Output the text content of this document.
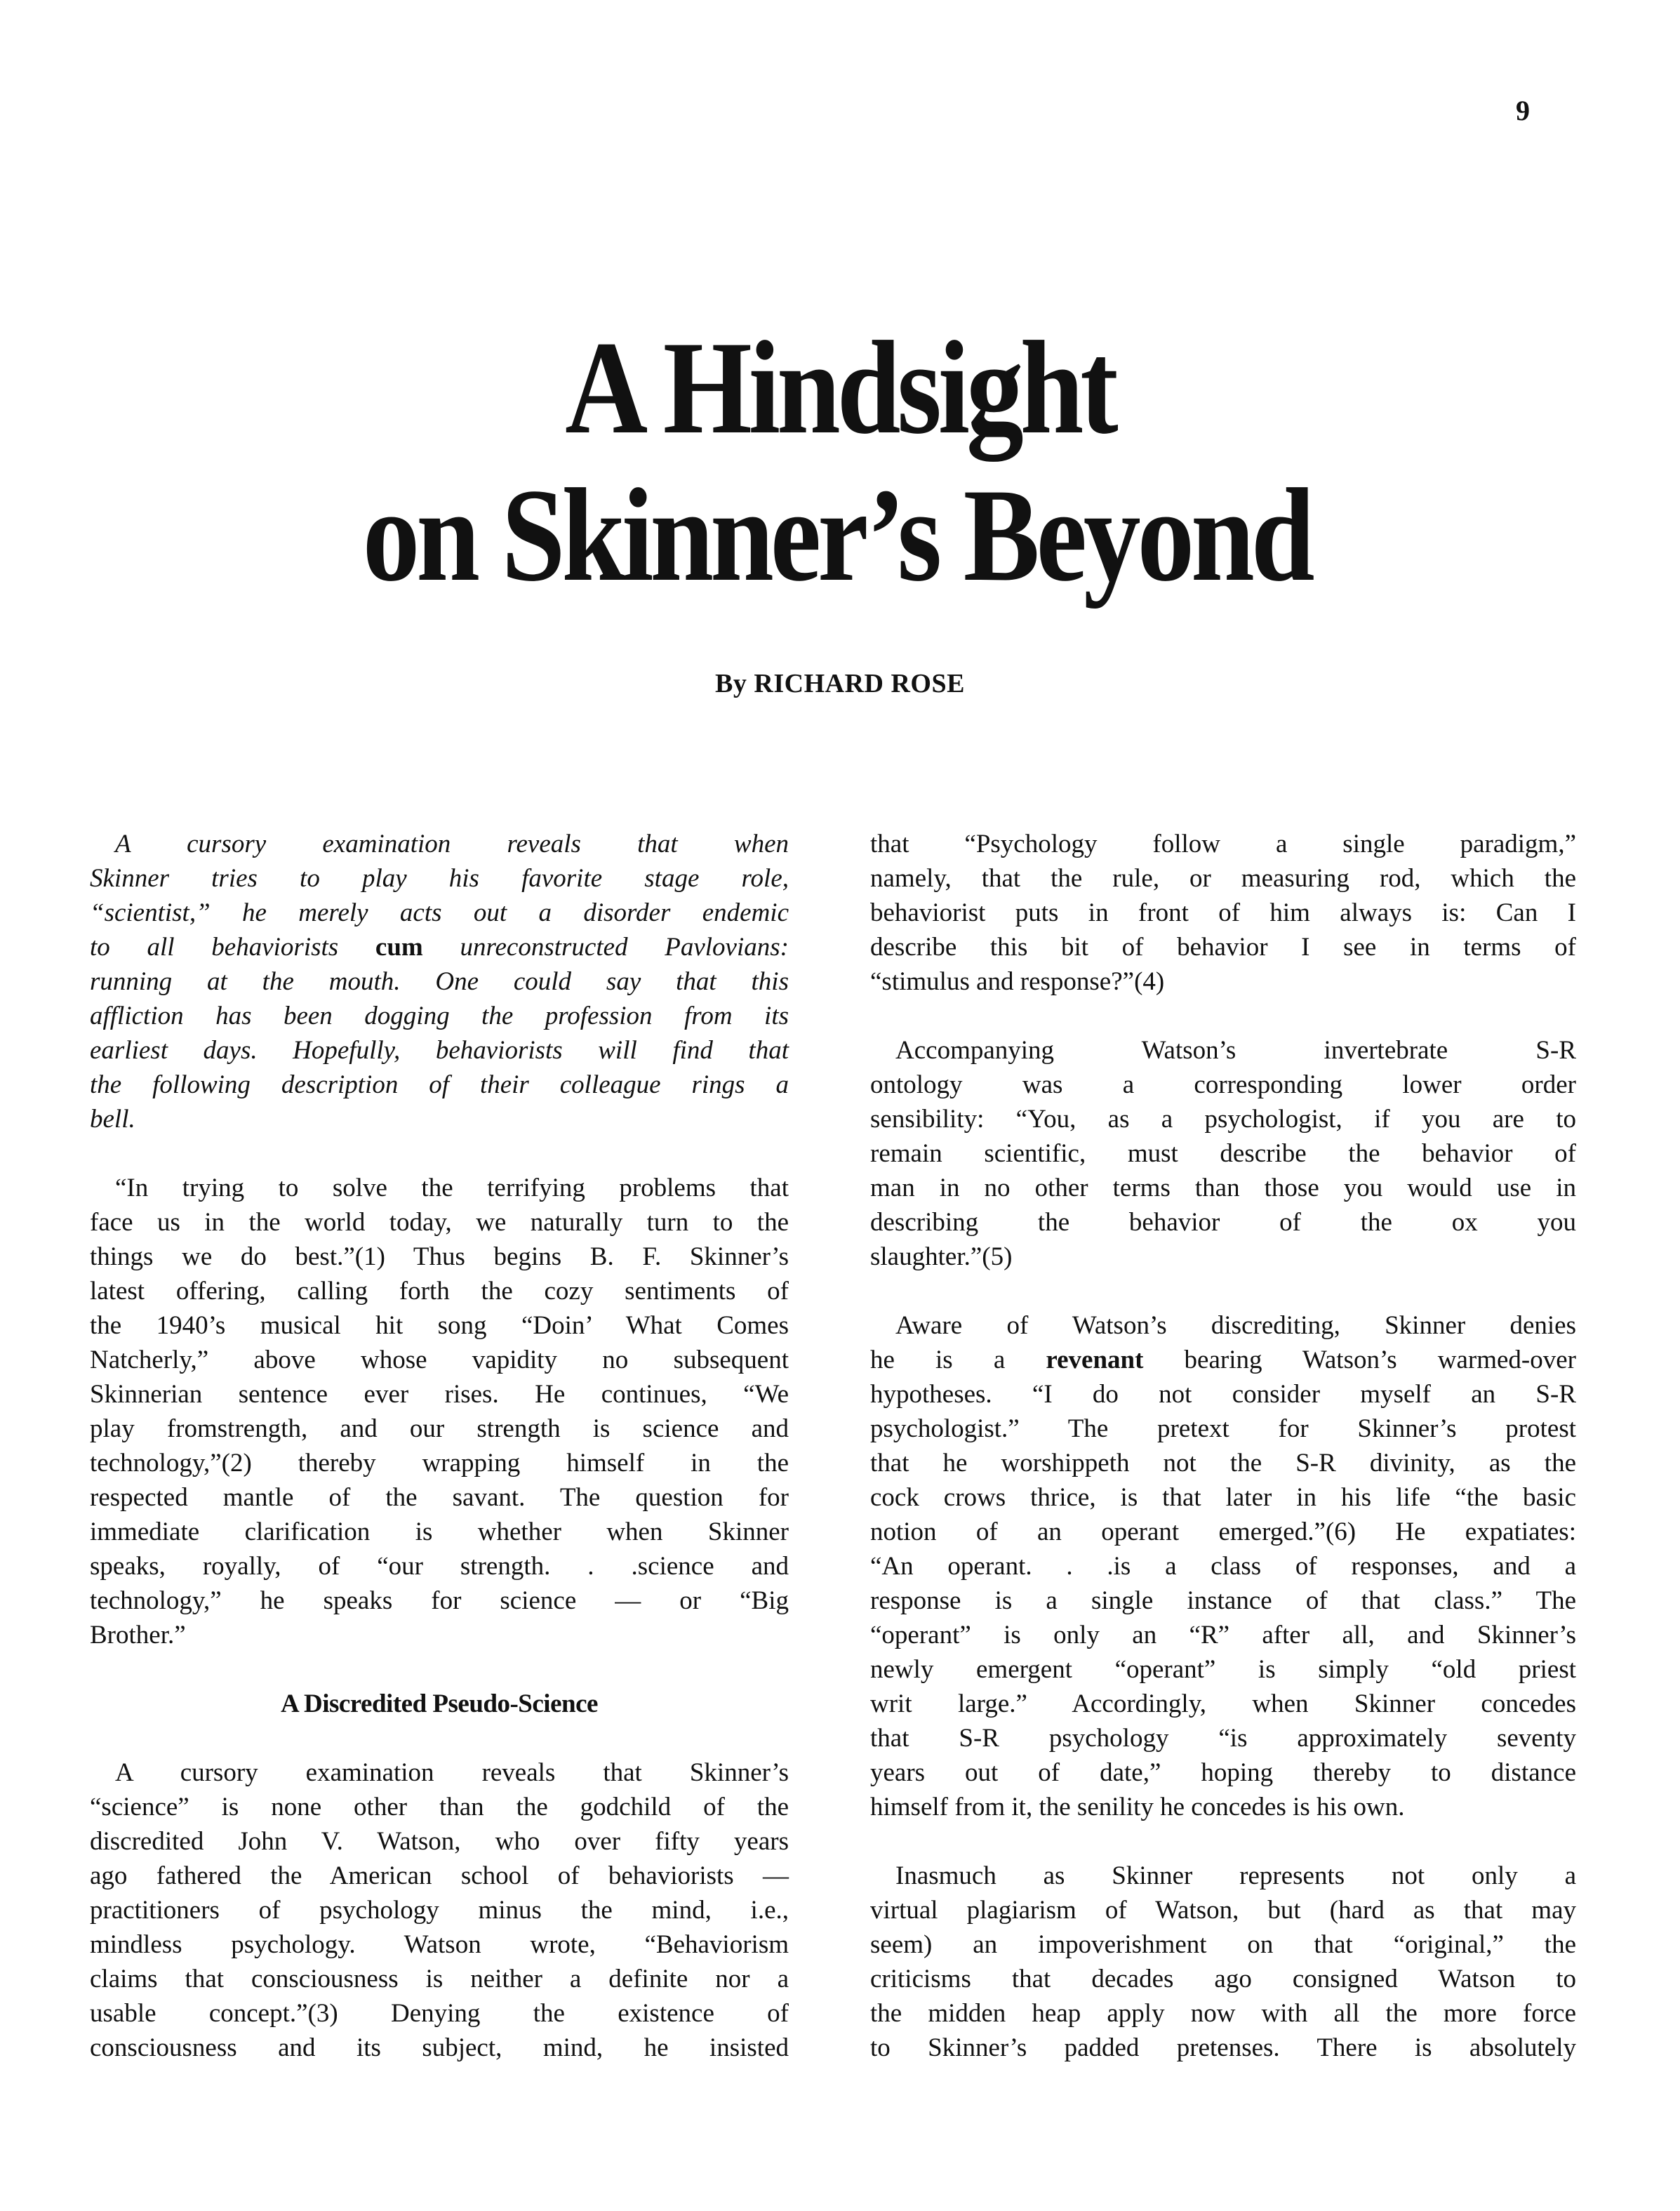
9
A Hindsight
on Skinner’s Beyond
By RICHARD ROSE
A cursory examination reveals that when
Skinner tries to play his favorite stage role,
“scientist,” he merely acts out a disorder endemic
to all behaviorists cum unreconstructed Pavlovians:
running at the mouth. One could say that this
affliction has been dogging the profession from its
earliest days. Hopefully, behaviorists will find that
the following description of their colleague rings a
bell.
“In trying to solve the terrifying problems that
face us in the world today, we naturally turn to the
things we do best.”(1) Thus begins B. F. Skinner’s
latest offering, calling forth the cozy sentiments of
the 1940’s musical hit song “Doin’ What Comes
Natcherly,” above whose vapidity no subsequent
Skinnerian sentence ever rises. He continues, “We
play fromstrength, and our strength is science and
technology,”(2) thereby wrapping himself in the
respected mantle of the savant. The question for
immediate clarification is whether when Skinner
speaks, royally, of “our strength. . .science and
technology,” he speaks for science — or “Big
Brother.”
A Discredited Pseudo-Science
A cursory examination reveals that Skinner’s
“science” is none other than the godchild of the
discredited John V. Watson, who over fifty years
ago fathered the American school of behaviorists —
practitioners of psychology minus the mind, i.e.,
mindless psychology. Watson wrote, “Behaviorism
claims that consciousness is neither a definite nor a
usable concept.”(3) Denying the existence of
consciousness and its subject, mind, he insisted
that “Psychology follow a single paradigm,”
namely, that the rule, or measuring rod, which the
behaviorist puts in front of him always is: Can I
describe this bit of behavior I see in terms of
“stimulus and response?”(4)
Accompanying Watson’s invertebrate S-R
ontology was a corresponding lower order
sensibility: “You, as a psychologist, if you are to
remain scientific, must describe the behavior of
man in no other terms than those you would use in
describing the behavior of the ox you
slaughter.”(5)
Aware of Watson’s discrediting, Skinner denies
he is a revenant bearing Watson’s warmed-over
hypotheses. “I do not consider myself an S-R
psychologist.” The pretext for Skinner’s protest
that he worshippeth not the S-R divinity, as the
cock crows thrice, is that later in his life “the basic
notion of an operant emerged.”(6) He expatiates:
“An operant. . .is a class of responses, and a
response is a single instance of that class.” The
“operant” is only an “R” after all, and Skinner’s
newly emergent “operant” is simply “old priest
writ large.” Accordingly, when Skinner concedes
that S-R psychology “is approximately seventy
years out of date,” hoping thereby to distance
himself from it, the senility he concedes is his own.
Inasmuch as Skinner represents not only a
virtual plagiarism of Watson, but (hard as that may
seem) an impoverishment on that “original,” the
criticisms that decades ago consigned Watson to
the midden heap apply now with all the more force
to Skinner’s padded pretenses. There is absolutely
